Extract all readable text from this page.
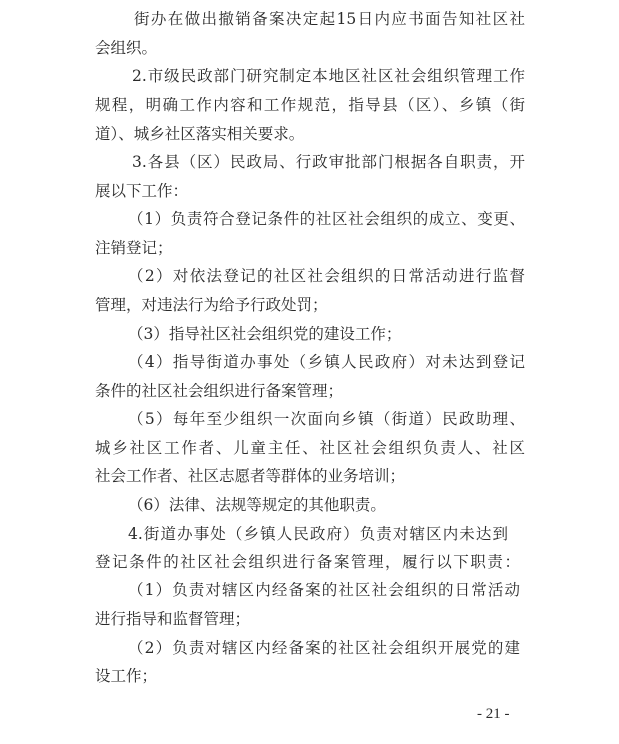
街办在做出撤销备案决定起15日内应书面告知社区社
会组织。
2.市级民政部门研究制定本地区社区社会组织管理工作
规程，明确工作内容和工作规范，指导县（区）、乡镇（街
道）、城乡社区落实相关要求。
3.各县（区）民政局、行政审批部门根据各自职责，开
展以下工作：
（1）负责符合登记条件的社区社会组织的成立、变更、
注销登记；
（2）对依法登记的社区社会组织的日常活动进行监督
管理，对违法行为给予行政处罚；
（3）指导社区社会组织党的建设工作；
（4）指导街道办事处（乡镇人民政府）对未达到登记
条件的社区社会组织进行备案管理；
（5）每年至少组织一次面向乡镇（街道）民政助理、
城乡社区工作者、儿童主任、社区社会组织负责人、社区
社会工作者、社区志愿者等群体的业务培训；
（6）法律、法规等规定的其他职责。
4.街道办事处（乡镇人民政府）负责对辖区内未达到
登记条件的社区社会组织进行备案管理，履行以下职责：
（1）负责对辖区内经备案的社区社会组织的日常活动
进行指导和监督管理；
（2）负责对辖区内经备案的社区社会组织开展党的建
设工作；
- 21 -
